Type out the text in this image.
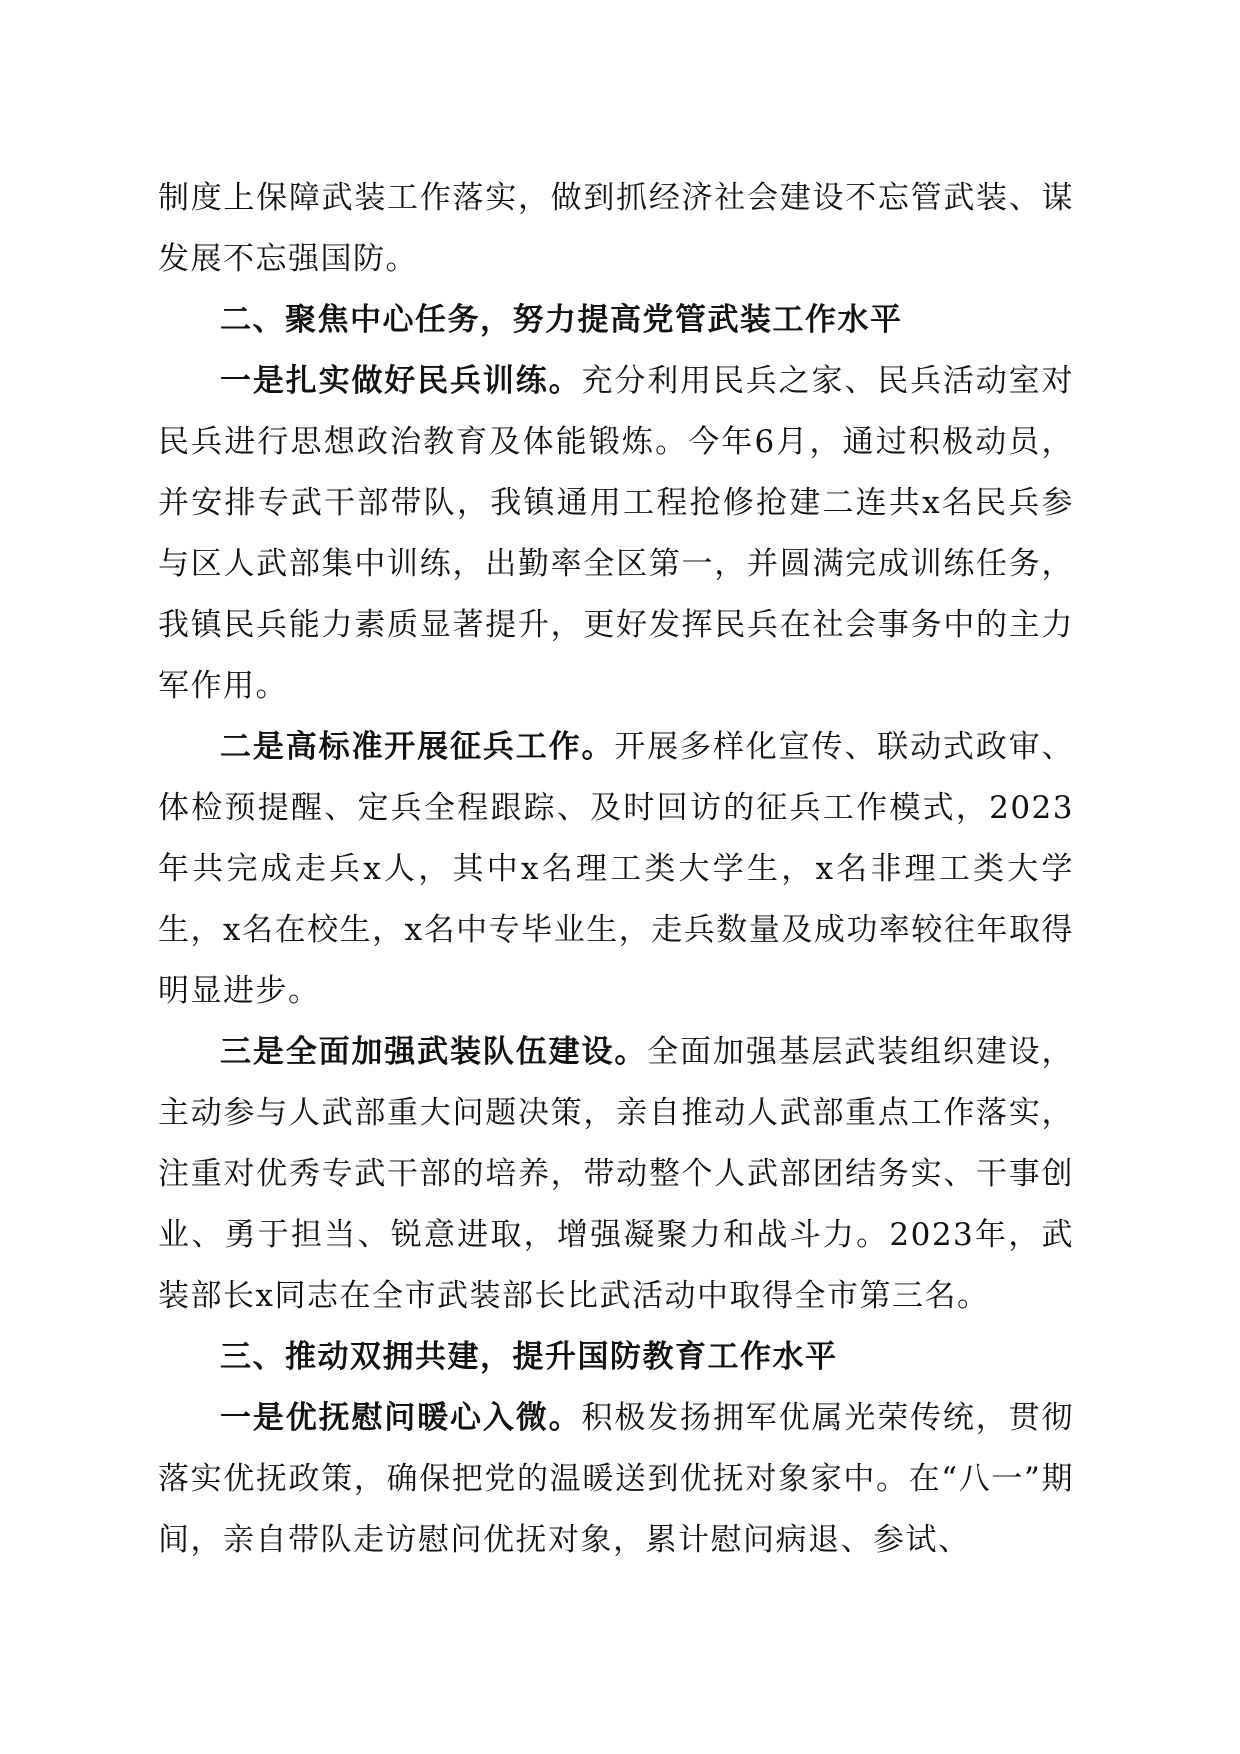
制度上保障武装工作落实，做到抓经济社会建设不忘管武装、谋发展不忘强国防。

二、聚焦中心任务，努力提高党管武装工作水平

一是扎实做好民兵训练。充分利用民兵之家、民兵活动室对民兵进行思想政治教育及体能锻炼。今年6月，通过积极动员，并安排专武干部带队，我镇通用工程抢修抢建二连共x名民兵参与区人武部集中训练，出勤率全区第一，并圆满完成训练任务，我镇民兵能力素质显著提升，更好发挥民兵在社会事务中的主力军作用。

二是高标准开展征兵工作。开展多样化宣传、联动式政审、体检预提醒、定兵全程跟踪、及时回访的征兵工作模式，2023年共完成走兵x人，其中x名理工类大学生，x名非理工类大学生，x名在校生，x名中专毕业生，走兵数量及成功率较往年取得明显进步。

三是全面加强武装队伍建设。全面加强基层武装组织建设，主动参与人武部重大问题决策，亲自推动人武部重点工作落实，注重对优秀专武干部的培养，带动整个人武部团结务实、干事创业、勇于担当、锐意进取，增强凝聚力和战斗力。2023年，武装部长x同志在全市武装部长比武活动中取得全市第三名。

三、推动双拥共建，提升国防教育工作水平

一是优抚慰问暖心入微。积极发扬拥军优属光荣传统，贯彻落实优抚政策，确保把党的温暖送到优抚对象家中。在“八一”期间，亲自带队走访慰问优抚对象，累计慰问病退、参试、
